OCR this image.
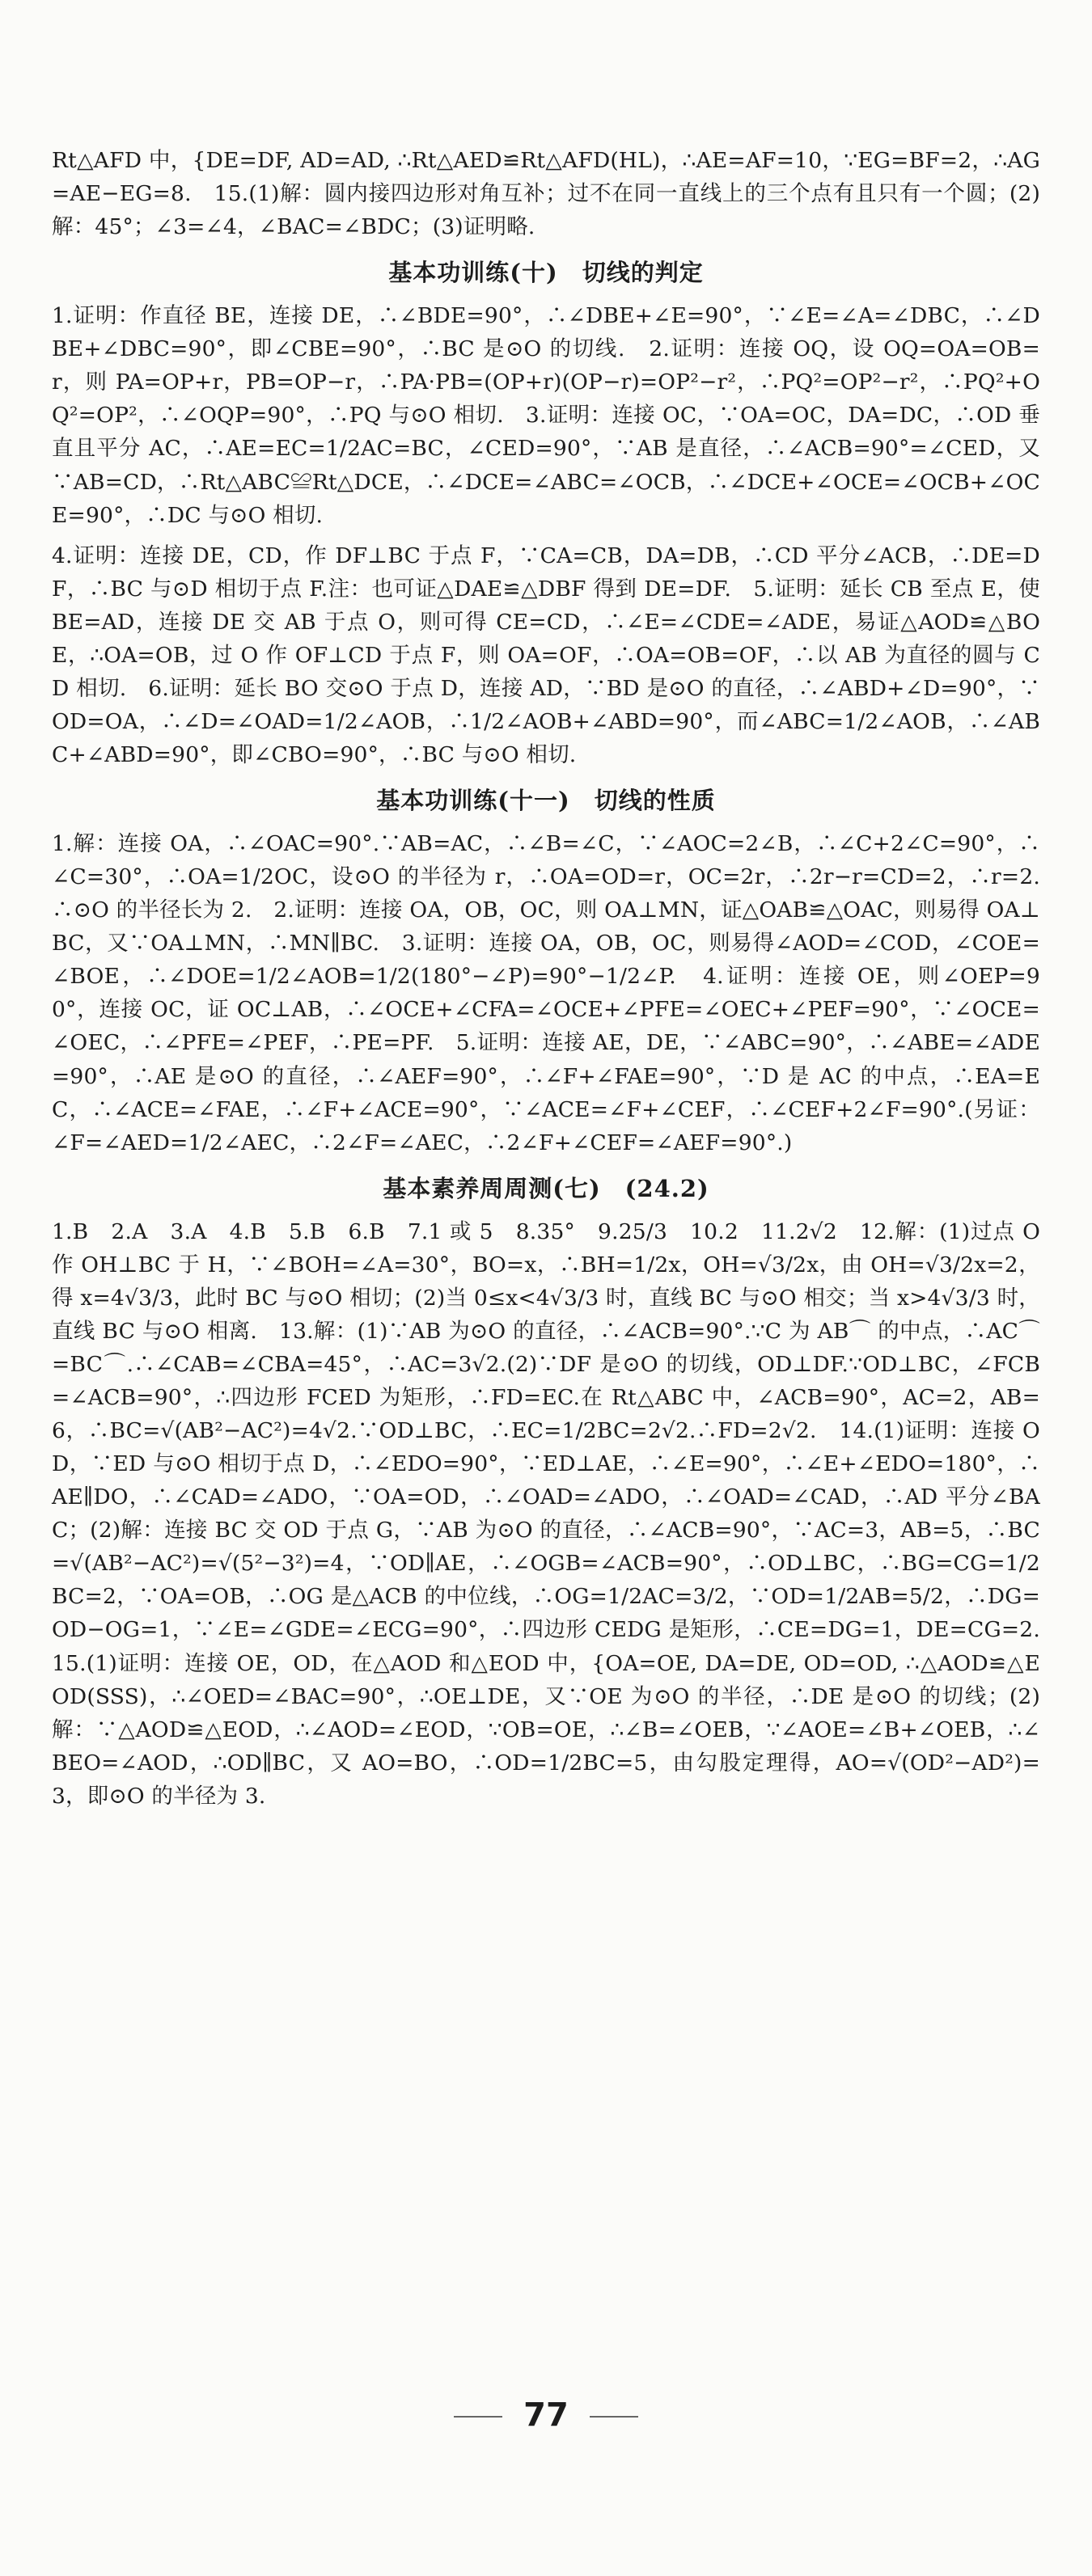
Rt△AFD 中，{DE=DF, AD=AD, ∴Rt△AED≌Rt△AFD(HL)，∴AE=AF=10，∵EG=BF=2，∴AG=AE−EG=8.　15.(1)解：圆内接四边形对角互补；过不在同一直线上的三个点有且只有一个圆；(2)解：45°；∠3=∠4，∠BAC=∠BDC；(3)证明略.

基本功训练(十)　切线的判定

1.证明：作直径 BE，连接 DE，∴∠BDE=90°，∴∠DBE+∠E=90°，∵∠E=∠A=∠DBC，∴∠DBE+∠DBC=90°，即∠CBE=90°，∴BC 是⊙O 的切线.　2.证明：连接 OQ，设 OQ=OA=OB=r，则 PA=OP+r，PB=OP−r，∴PA·PB=(OP+r)(OP−r)=OP²−r²，∴PQ²=OP²−r²，∴PQ²+OQ²=OP²，∴∠OQP=90°，∴PQ 与⊙O 相切.　3.证明：连接 OC，∵OA=OC，DA=DC，∴OD 垂直且平分 AC，∴AE=EC=1/2AC=BC，∠CED=90°，∵AB 是直径，∴∠ACB=90°=∠CED，又∵AB=CD，∴Rt△ABC≌Rt△DCE，∴∠DCE=∠ABC=∠OCB，∴∠DCE+∠OCE=∠OCB+∠OCE=90°，∴DC 与⊙O 相切.

4.证明：连接 DE，CD，作 DF⊥BC 于点 F，∵CA=CB，DA=DB，∴CD 平分∠ACB，∴DE=DF，∴BC 与⊙D 相切于点 F.注：也可证△DAE≌△DBF 得到 DE=DF.　5.证明：延长 CB 至点 E，使 BE=AD，连接 DE 交 AB 于点 O，则可得 CE=CD，∴∠E=∠CDE=∠ADE，易证△AOD≌△BOE，∴OA=OB，过 O 作 OF⊥CD 于点 F，则 OA=OF，∴OA=OB=OF，∴以 AB 为直径的圆与 CD 相切.　6.证明：延长 BO 交⊙O 于点 D，连接 AD，∵BD 是⊙O 的直径，∴∠ABD+∠D=90°，∵OD=OA，∴∠D=∠OAD=1/2∠AOB，∴1/2∠AOB+∠ABD=90°，而∠ABC=1/2∠AOB，∴∠ABC+∠ABD=90°，即∠CBO=90°，∴BC 与⊙O 相切.

基本功训练(十一)　切线的性质

1.解：连接 OA，∴∠OAC=90°.∵AB=AC，∴∠B=∠C，∵∠AOC=2∠B，∴∠C+2∠C=90°，∴∠C=30°，∴OA=1/2OC，设⊙O 的半径为 r，∴OA=OD=r，OC=2r，∴2r−r=CD=2，∴r=2.∴⊙O 的半径长为 2.　2.证明：连接 OA，OB，OC，则 OA⊥MN，证△OAB≌△OAC，则易得 OA⊥BC，又∵OA⊥MN，∴MN∥BC.　3.证明：连接 OA，OB，OC，则易得∠AOD=∠COD，∠COE=∠BOE，∴∠DOE=1/2∠AOB=1/2(180°−∠P)=90°−1/2∠P.　4.证明：连接 OE，则∠OEP=90°，连接 OC，证 OC⊥AB，∴∠OCE+∠CFA=∠OCE+∠PFE=∠OEC+∠PEF=90°，∵∠OCE=∠OEC，∴∠PFE=∠PEF，∴PE=PF.　5.证明：连接 AE，DE，∵∠ABC=90°，∴∠ABE=∠ADE=90°，∴AE 是⊙O 的直径，∴∠AEF=90°，∴∠F+∠FAE=90°，∵D 是 AC 的中点，∴EA=EC，∴∠ACE=∠FAE，∴∠F+∠ACE=90°，∵∠ACE=∠F+∠CEF，∴∠CEF+2∠F=90°.(另证：∠F=∠AED=1/2∠AEC，∴2∠F=∠AEC，∴2∠F+∠CEF=∠AEF=90°.)

基本素养周周测(七)　(24.2)

1.B　2.A　3.A　4.B　5.B　6.B　7.1 或 5　8.35°　9.25/3　10.2　11.2√2　12.解：(1)过点 O 作 OH⊥BC 于 H，∵∠BOH=∠A=30°，BO=x，∴BH=1/2x，OH=√3/2x，由 OH=√3/2x=2，得 x=4√3/3，此时 BC 与⊙O 相切；(2)当 0≤x<4√3/3 时，直线 BC 与⊙O 相交；当 x>4√3/3 时，直线 BC 与⊙O 相离.　13.解：(1)∵AB 为⊙O 的直径，∴∠ACB=90°.∵C 为 AB⌒ 的中点，∴AC⌒=BC⌒.∴∠CAB=∠CBA=45°，∴AC=3√2.(2)∵DF 是⊙O 的切线，OD⊥DF.∵OD⊥BC，∠FCB=∠ACB=90°，∴四边形 FCED 为矩形，∴FD=EC.在 Rt△ABC 中，∠ACB=90°，AC=2，AB=6，∴BC=√(AB²−AC²)=4√2.∵OD⊥BC，∴EC=1/2BC=2√2.∴FD=2√2.　14.(1)证明：连接 OD，∵ED 与⊙O 相切于点 D，∴∠EDO=90°，∵ED⊥AE，∴∠E=90°，∴∠E+∠EDO=180°，∴AE∥DO，∴∠CAD=∠ADO，∵OA=OD，∴∠OAD=∠ADO，∴∠OAD=∠CAD，∴AD 平分∠BAC；(2)解：连接 BC 交 OD 于点 G，∵AB 为⊙O 的直径，∴∠ACB=90°，∵AC=3，AB=5，∴BC=√(AB²−AC²)=√(5²−3²)=4，∵OD∥AE，∴∠OGB=∠ACB=90°，∴OD⊥BC，∴BG=CG=1/2BC=2，∵OA=OB，∴OG 是△ACB 的中位线，∴OG=1/2AC=3/2，∵OD=1/2AB=5/2，∴DG=OD−OG=1，∵∠E=∠GDE=∠ECG=90°，∴四边形 CEDG 是矩形，∴CE=DG=1，DE=CG=2.　15.(1)证明：连接 OE，OD，在△AOD 和△EOD 中，{OA=OE, DA=DE, OD=OD, ∴△AOD≌△EOD(SSS)，∴∠OED=∠BAC=90°，∴OE⊥DE，又∵OE 为⊙O 的半径，∴DE 是⊙O 的切线；(2)解：∵△AOD≌△EOD，∴∠AOD=∠EOD，∵OB=OE，∴∠B=∠OEB，∵∠AOE=∠B+∠OEB，∴∠BEO=∠AOD，∴OD∥BC，又 AO=BO，∴OD=1/2BC=5，由勾股定理得，AO=√(OD²−AD²)=3，即⊙O 的半径为 3.

77
